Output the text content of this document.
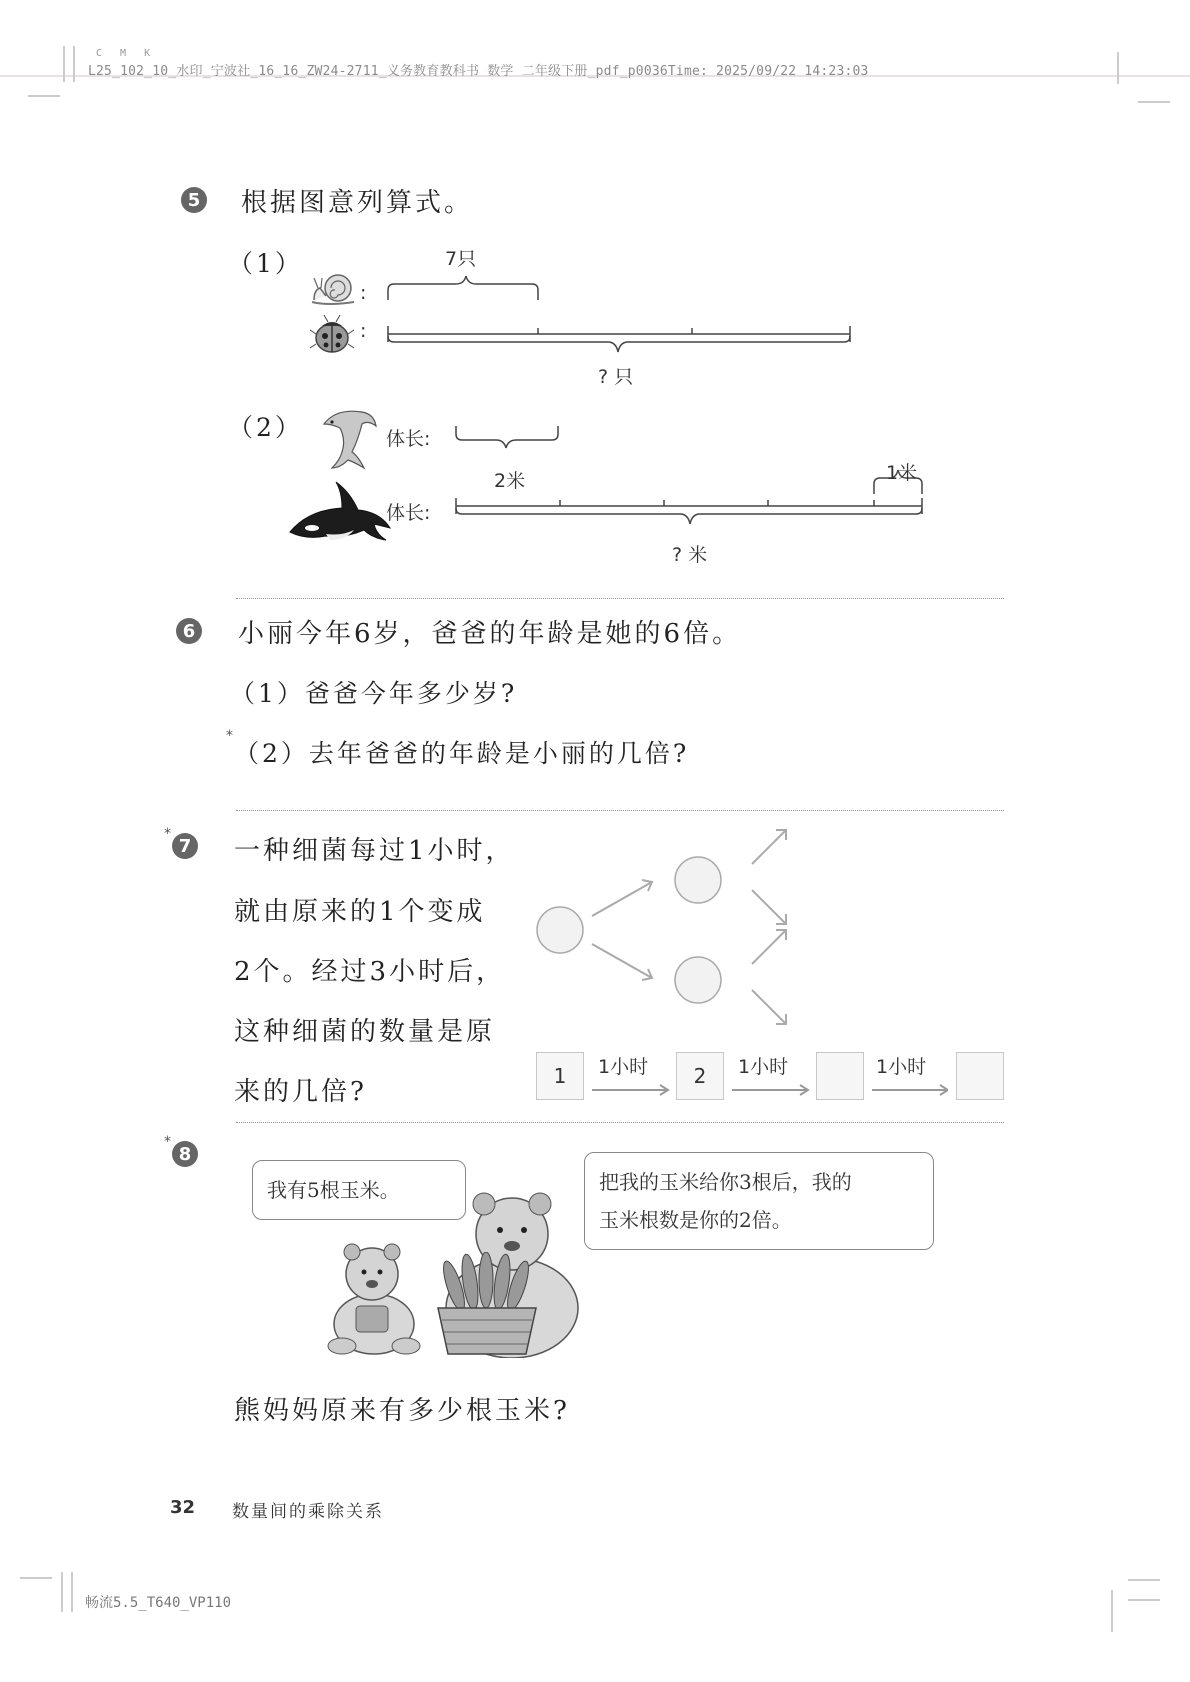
C M K
L25_102_10_水印_宁波社_16_16_ZW24-2711_义务教育教科书 数学 二年级下册_pdf_p0036Time: 2025/09/22 14:23:03
5 根据图意列算式。
（1）
:
:
7只
? 只
（2）	体长:
体长:
2米	1米
? 米
6 小丽今年6岁，爸爸的年龄是她的6倍。
（1）爸爸今年多少岁?
*
（2）去年爸爸的年龄是小丽的几倍?
*
7 一种细菌每过1小时，
就由原来的1个变成
2个。经过3小时后，
这种细菌的数量是原
来的几倍?
1	2
1小时	1小时	1小时
*
8
我有5根玉米。	把我的玉米给你3根后，我的
玉米根数是你的2倍。
熊妈妈原来有多少根玉米?
32 数量间的乘除关系
畅流5.5_T640_VP110
